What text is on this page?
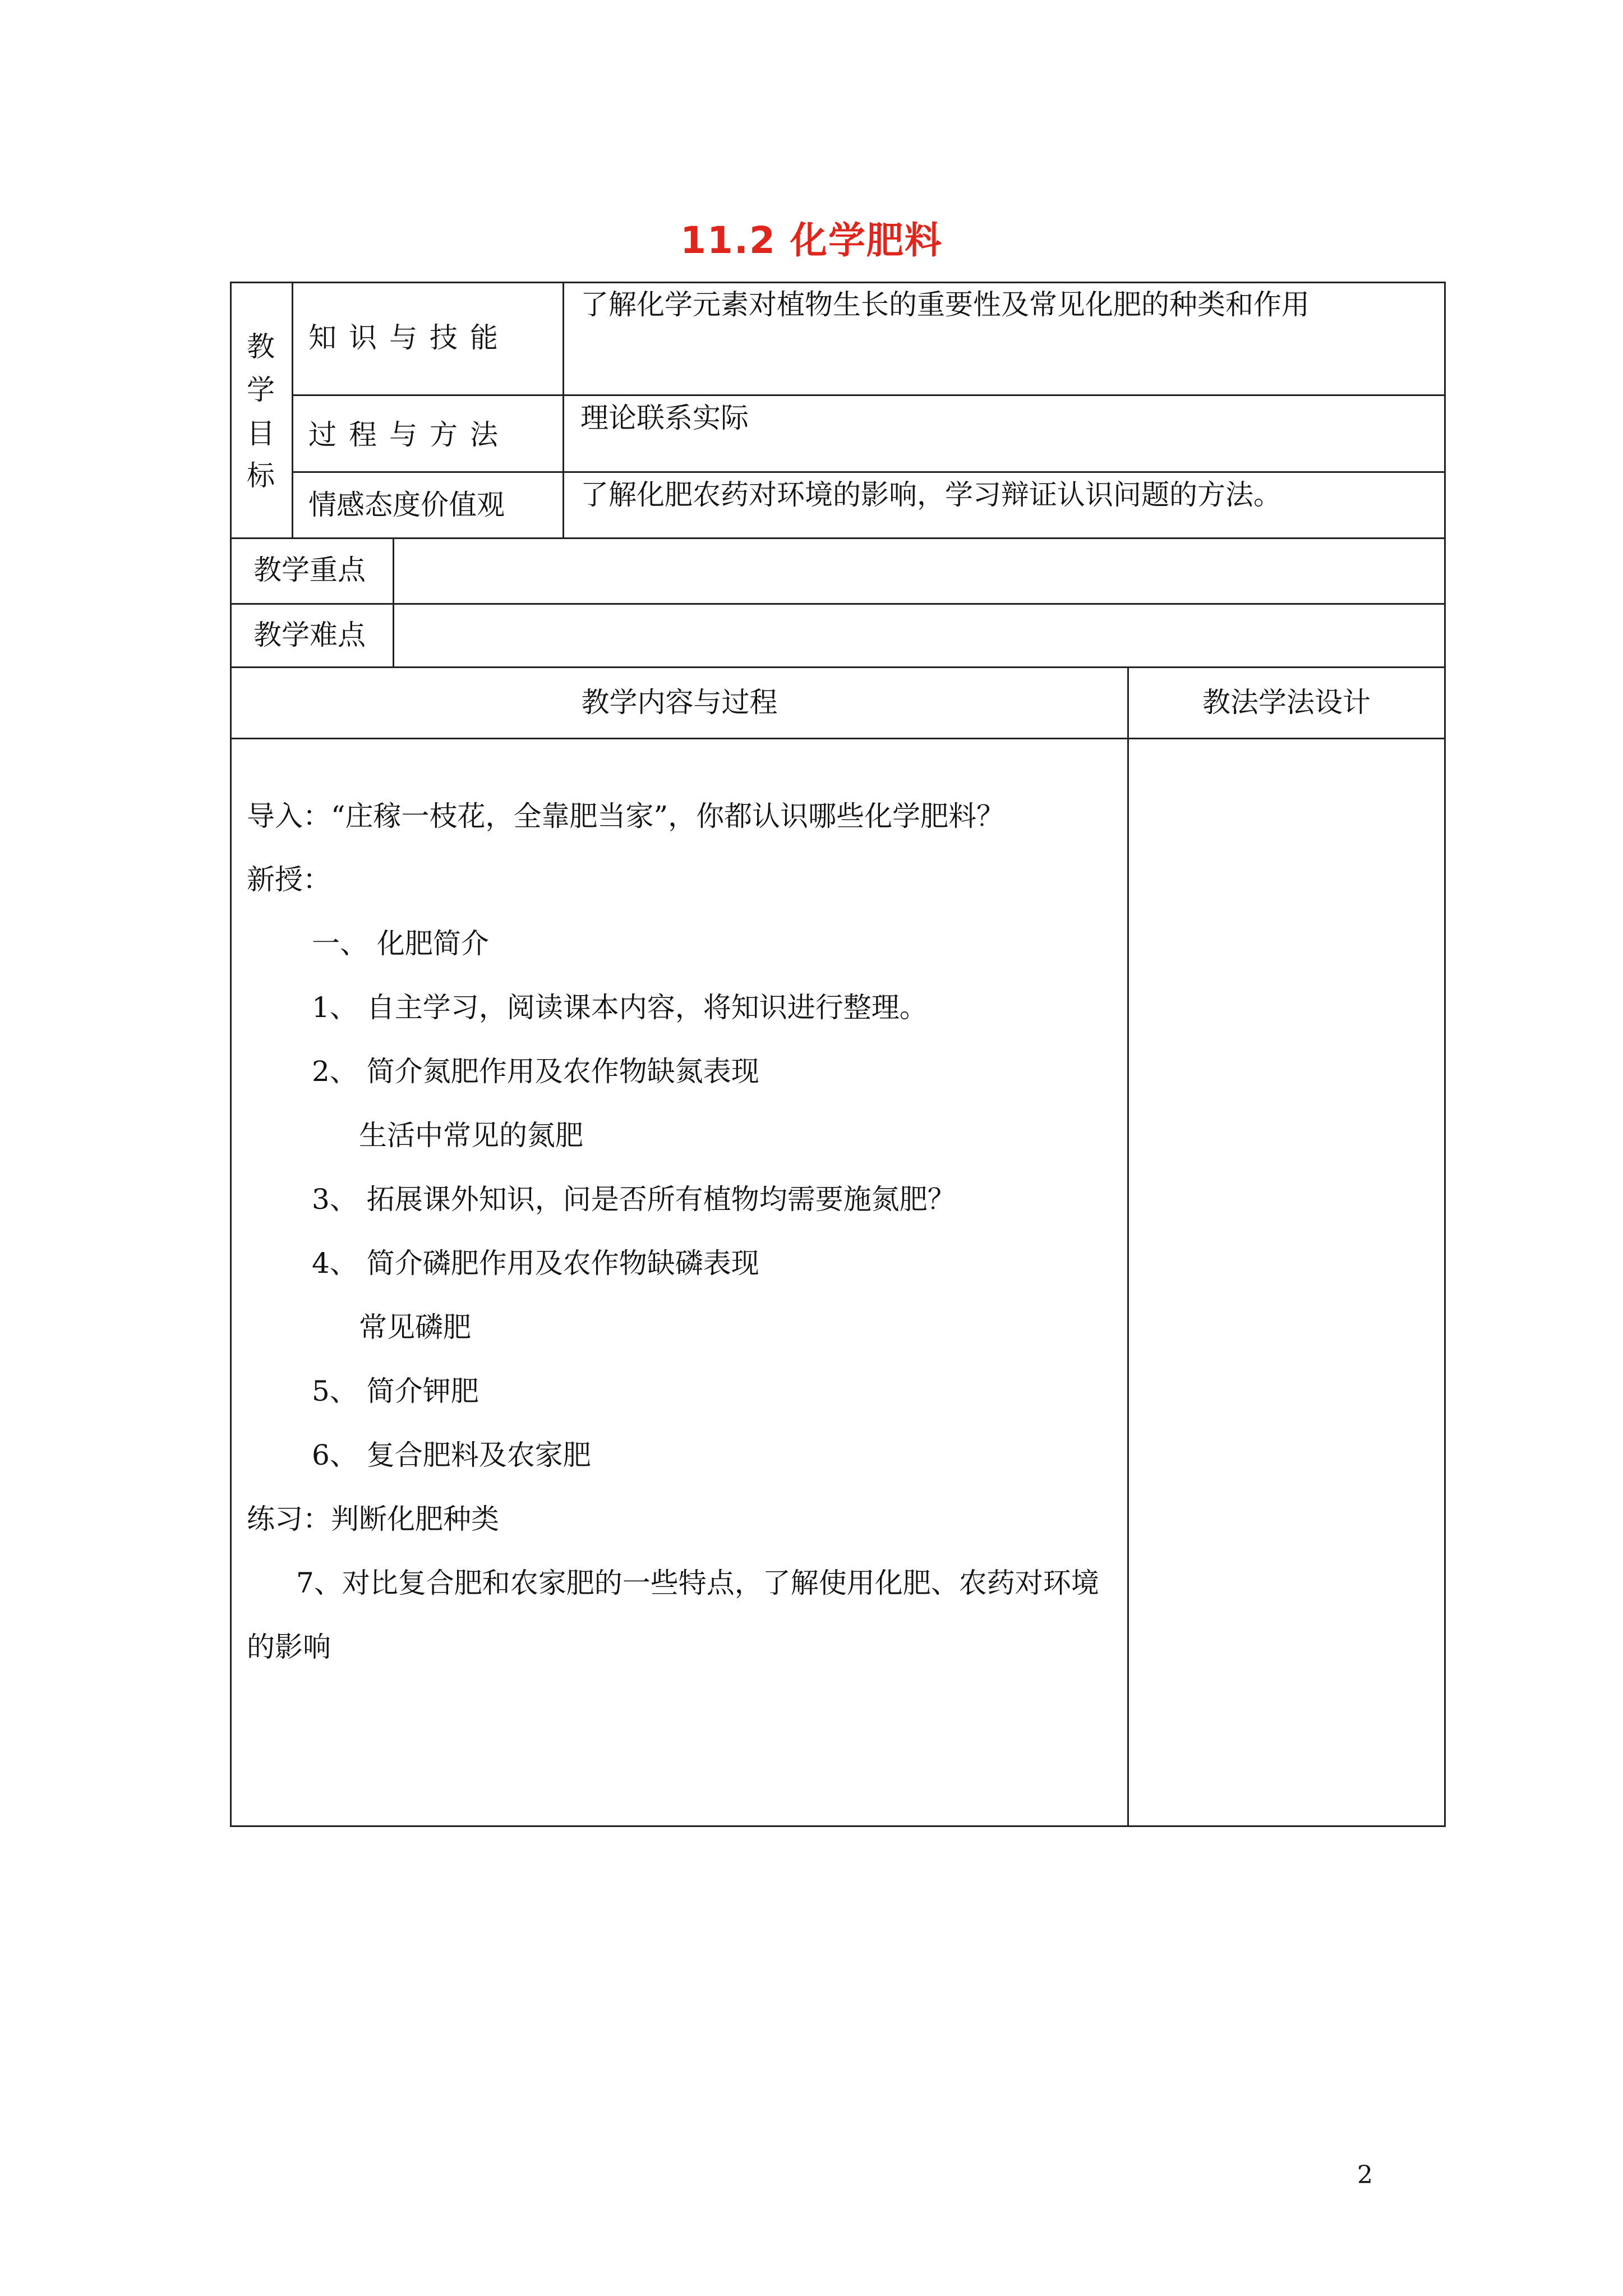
11.2 化学肥料
教
学
目
标
知识与技能
了解化学元素对植物生长的重要性及常见化肥的种类和作用
过程与方法
理论联系实际
情感态度价值观	了解化肥农药对环境的影响，学习辩证认识问题的方法。
教学重点
教学难点
教学内容与过程	教法学法设计
导入：“庄稼一枝花，全靠肥当家”，你都认识哪些化学肥料？
新授：
一、 化肥简介
1、 自主学习，阅读课本内容，将知识进行整理。
2、 简介氮肥作用及农作物缺氮表现
生活中常见的氮肥
3、 拓展课外知识，问是否所有植物均需要施氮肥？
4、 简介磷肥作用及农作物缺磷表现
常见磷肥
5、 简介钾肥
6、 复合肥料及农家肥
练习：判断化肥种类
7、对比复合肥和农家肥的一些特点，了解使用化肥、农药对环境
的影响
2
